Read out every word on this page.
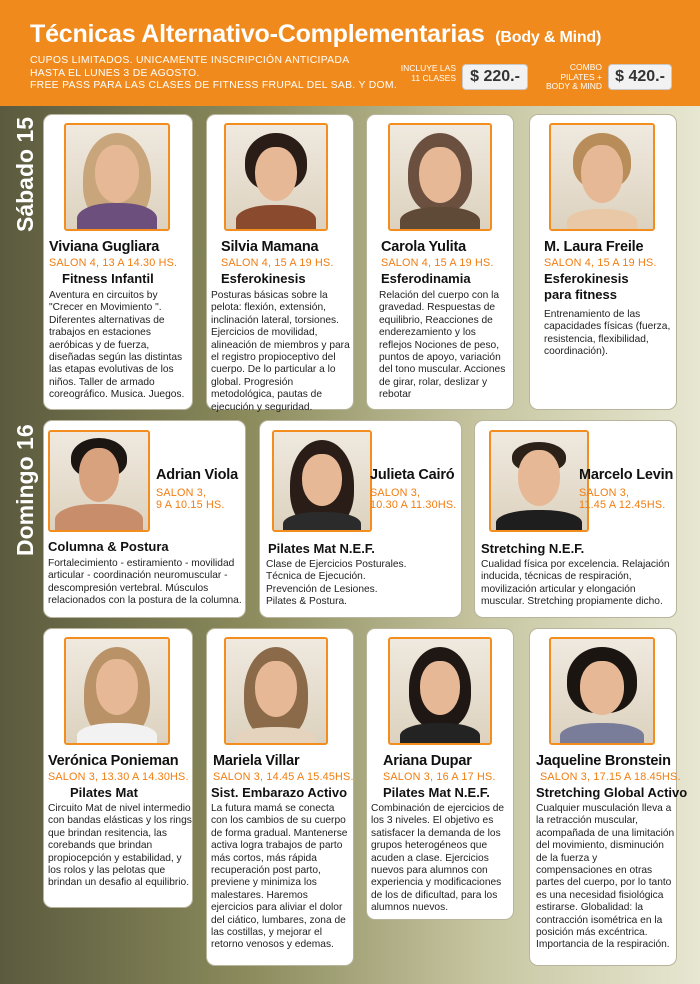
Técnicas Alternativo-Complementarias (Body & Mind)
CUPOS LIMITADOS. UNICAMENTE INSCRIPCIÓN ANTICIPADA
HASTA EL LUNES 3 DE AGOSTO.
FREE PASS PARA LAS CLASES DE FITNESS FRUPAL DEL SAB. Y DOM.
INCLUYE LAS
11 CLASES $ 220.-
COMBO
PILATES +
BODY & MIND
$ 420.-
Sábado 15
Domingo 16
Viviana Gugliara
SALON 4, 13 A 14.30 HS.
Fitness Infantil
Aventura en circuitos by "Crecer en Movimiento ". Diferentes alternativas de trabajos en estaciones aeróbicas y de fuerza, diseñadas según las distintas las etapas evolutivas de los niños. Taller de armado coreográfico. Musica. Juegos.
Silvia Mamana
SALON 4, 15 A 19 HS.
Esferokinesis
Posturas básicas sobre la pelota: flexión, extensión, inclinación lateral, torsiones. Ejercicios de movilidad, alineación de miembros y para el registro propioceptivo del cuerpo. De lo particular a lo global. Progresión metodológica, pautas de ejecución y seguridad.
Carola Yulita
SALON 4, 15 A 19 HS.
Esferodinamia
Relación del cuerpo con la gravedad. Respuestas de equilibrio, Reacciones de enderezamiento y los reflejos Nociones de peso, puntos de apoyo, variación del tono muscular. Acciones de girar, rolar, deslizar y rebotar
M. Laura Freile
SALON 4, 15 A 19 HS.
Esferokinesis
para fitness
Entrenamiento de las capacidades físicas (fuerza, resistencia, flexibilidad, coordinación).
Adrian Viola
SALON 3,
9 A 10.15 HS.
Columna & Postura
Fortalecimiento - estiramiento - movilidad articular - coordinación neuromuscular - descompresión vertebral. Músculos relacionados con la postura de la columna.
Julieta Cairó
SALON 3,
10.30 A 11.30HS.
Pilates Mat N.E.F.
Clase de Ejercicios Posturales.
Técnica de Ejecución.
Prevención de Lesiones.
Pilates & Postura.
Marcelo Levin
SALON 3,
11.45 A 12.45HS.
Stretching N.E.F.
Cualidad física por excelencia. Relajación inducida, técnicas de respiración, movilización articular y elongación muscular. Stretching propiamente dicho.
Verónica Ponieman
SALON 3, 13.30 A 14.30HS.
Pilates Mat
Circuito Mat de nivel intermedio con bandas elásticas y los rings que brindan resitencia, las corebands que brindan propiocepción y estabilidad, y los rolos y las pelotas que brindan un desafio al equilibrio.
Mariela Villar
SALON 3, 14.45 A 15.45HS.
Sist. Embarazo Activo
La futura mamá se conecta con los cambios de su cuerpo de forma gradual. Mantenerse activa logra trabajos de parto más cortos, más rápida recuperación post parto, previene y minimiza los malestares. Haremos ejercicios para aliviar el dolor del ciático, lumbares, zona de las costillas, y mejorar el retorno venosos y edemas.
Ariana Dupar
SALON 3, 16 A 17 HS.
Pilates Mat N.E.F.
Combinación de ejercicios de los 3 niveles. El objetivo es satisfacer la demanda de los grupos heterogéneos que acuden a clase. Ejercicios nuevos para alumnos con experiencia y modificaciones de los de dificultad, para los alumnos nuevos.
Jaqueline Bronstein
SALON 3, 17.15 A 18.45HS.
Stretching Global Activo
Cualquier musculación lleva a la retracción muscular, acompañada de una limitación del movimiento, disminución de la fuerza y compensaciones en otras partes del cuerpo, por lo tanto es una necesidad fisiológica estirarse. Globalidad: la contracción isométrica en la posición más excéntrica. Importancia de la respiración.
